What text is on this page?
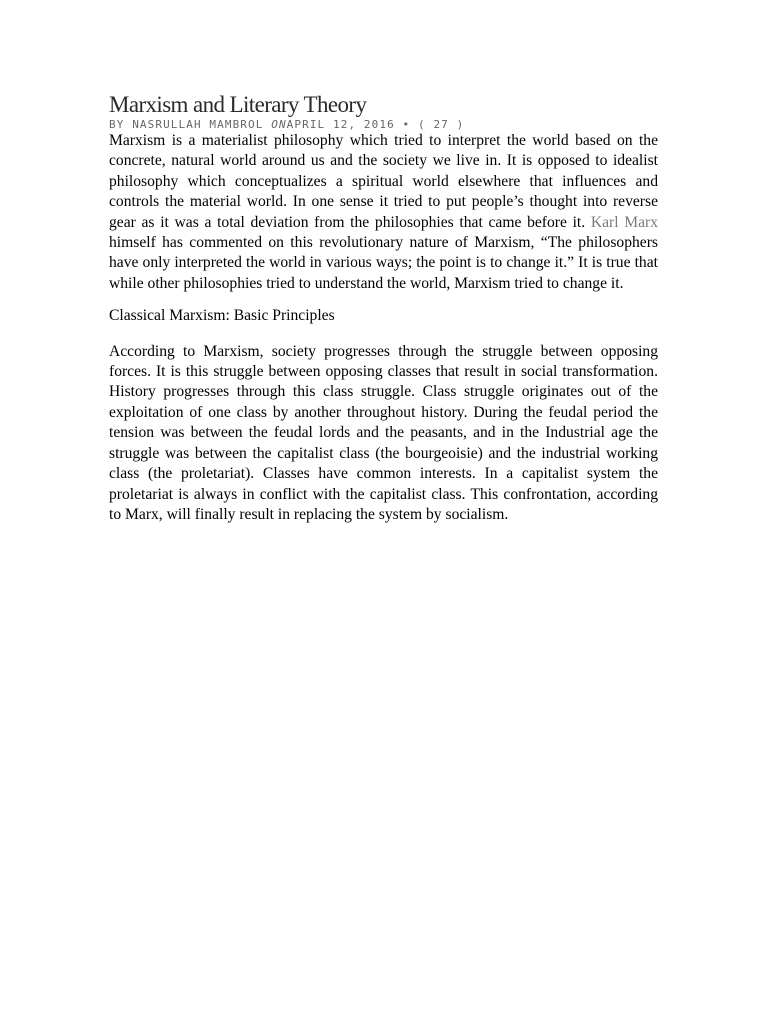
Marxism and Literary Theory

BY NASRULLAH MAMBROL ONAPRIL 12, 2016 • ( 27 )

Marxism is a materialist philosophy which tried to interpret the world based on the concrete, natural world around us and the society we live in. It is opposed to idealist philosophy which conceptualizes a spiritual world elsewhere that influences and controls the material world. In one sense it tried to put people’s thought into reverse gear as it was a total deviation from the philosophies that came before it. Karl Marx himself has commented on this revolutionary nature of Marxism, “The philosophers have only interpreted the world in various ways; the point is to change it.” It is true that while other philosophies tried to understand the world, Marxism tried to change it.

Classical Marxism: Basic Principles

According to Marxism, society progresses through the struggle between opposing forces. It is this struggle between opposing classes that result in social transformation. History progresses through this class struggle. Class struggle originates out of the exploitation of one class by another throughout history. During the feudal period the tension was between the feudal lords and the peasants, and in the Industrial age the struggle was between the capitalist class (the bourgeoisie) and the industrial working class (the proletariat). Classes have common interests. In a capitalist system the proletariat is always in conflict with the capitalist class. This confrontation, according to Marx, will finally result in replacing the system by socialism.
